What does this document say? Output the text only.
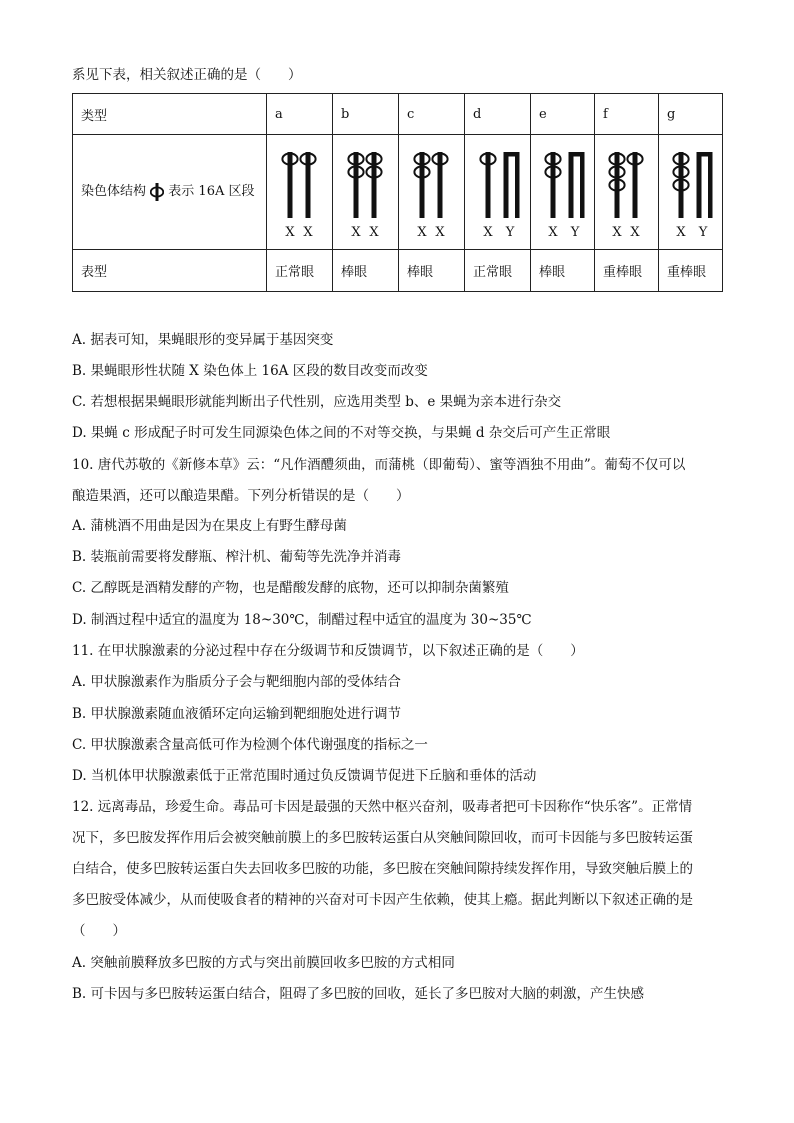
系见下表，相关叙述正确的是（　　）
类型	a	b	c	d	e	f	g
染色体结构 表示 16A 区段	X X	X X	X X	X Y	X Y	X X	X Y

表型	正常眼	棒眼	棒眼	正常眼	棒眼	重棒眼	重棒眼
A. 据表可知，果蝇眼形的变异属于基因突变
B. 果蝇眼形性状随 X 染色体上 16A 区段的数目改变而改变
C. 若想根据果蝇眼形就能判断出子代性别，应选用类型 b、e 果蝇为亲本进行杂交
D. 果蝇 c 形成配子时可发生同源染色体之间的不对等交换，与果蝇 d 杂交后可产生正常眼
10. 唐代苏敬的《新修本草》云：“凡作酒醴须曲，而蒲桃（即葡萄）、蜜等酒独不用曲”。葡萄不仅可以
酿造果酒，还可以酿造果醋。下列分析错误的是（　　）
A. 蒲桃酒不用曲是因为在果皮上有野生酵母菌
B. 装瓶前需要将发酵瓶、榨汁机、葡萄等先洗净并消毒
C. 乙醇既是酒精发酵的产物，也是醋酸发酵的底物，还可以抑制杂菌繁殖
D. 制酒过程中适宜的温度为 18~30℃，制醋过程中适宜的温度为 30~35℃
11. 在甲状腺激素的分泌过程中存在分级调节和反馈调节，以下叙述正确的是（　　）
A. 甲状腺激素作为脂质分子会与靶细胞内部的受体结合
B. 甲状腺激素随血液循环定向运输到靶细胞处进行调节
C. 甲状腺激素含量高低可作为检测个体代谢强度的指标之一
D. 当机体甲状腺激素低于正常范围时通过负反馈调节促进下丘脑和垂体的活动
12. 远离毒品，珍爱生命。毒品可卡因是最强的天然中枢兴奋剂，吸毒者把可卡因称作“快乐客”。正常情
况下，多巴胺发挥作用后会被突触前膜上的多巴胺转运蛋白从突触间隙回收，而可卡因能与多巴胺转运蛋
白结合，使多巴胺转运蛋白失去回收多巴胺的功能，多巴胺在突触间隙持续发挥作用，导致突触后膜上的
多巴胺受体减少，从而使吸食者的精神的兴奋对可卡因产生依赖，使其上瘾。据此判断以下叙述正确的是
（　　）
A. 突触前膜释放多巴胺的方式与突出前膜回收多巴胺的方式相同
B. 可卡因与多巴胺转运蛋白结合，阻碍了多巴胺的回收，延长了多巴胺对大脑的刺激，产生快感
